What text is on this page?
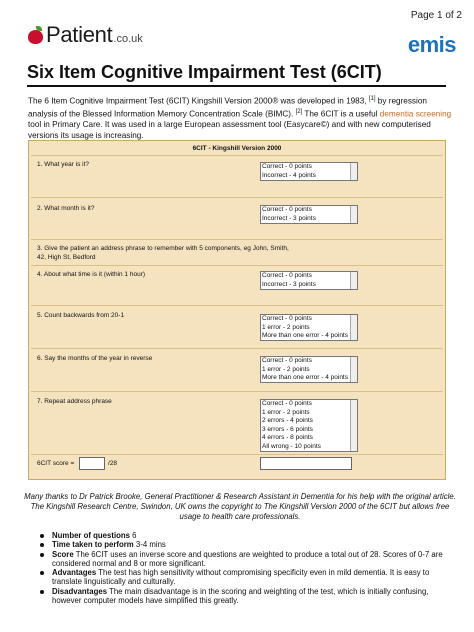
Page 1 of 2
Patient .co.uk	emis
Six Item Cognitive Impairment Test (6CIT)

The 6 Item Cognitive Impairment Test (6CIT) Kingshill Version 2000® was developed in 1983, [1] by regression analysis of the Blessed Information Memory Concentration Scale (BIMC). [2] The 6CIT is a useful dementia screening tool in Primary Care. It was used in a large European assessment tool (Easycare©) and with new computerised versions its usage is increasing.

6CIT - Kingshill Version 2000
1. What year is it?	Correct - 0 points
Incorrect - 4 points
2. What month is it?	Correct - 0 points
Incorrect - 3 points
3. Give the patient an address phrase to remember with 5 components, eg John, Smith, 42, High St, Bedford
4. About what time is it (within 1 hour)	Correct - 0 points
Incorrect - 3 points
5. Count backwards from 20-1	Correct - 0 points
1 error - 2 points
More than one error - 4 points
6. Say the months of the year in reverse	Correct - 0 points
1 error - 2 points
More than one error - 4 points
7. Repeat address phrase	Correct - 0 points
1 error - 2 points
2 errors - 4 points
3 errors - 6 points
4 errors - 8 points
All wrong - 10 points
6CIT score =	/28

Many thanks to Dr Patrick Brooke, General Practitioner & Research Assistant in Dementia for his help with the original article. The Kingshill Research Centre, Swindon, UK owns the copyright to The Kingshill Version 2000 of the 6CIT but allows free usage to health care professionals.

Number of questions 6
Time taken to perform 3-4 mins
Score The 6CIT uses an inverse score and questions are weighted to produce a total out of 28. Scores of 0-7 are considered normal and 8 or more significant.
Advantages The test has high sensitivity without compromising specificity even in mild dementia. It is easy to translate linguistically and culturally.
Disadvantages The main disadvantage is in the scoring and weighting of the test, which is initially confusing, however computer models have simplified this greatly.
